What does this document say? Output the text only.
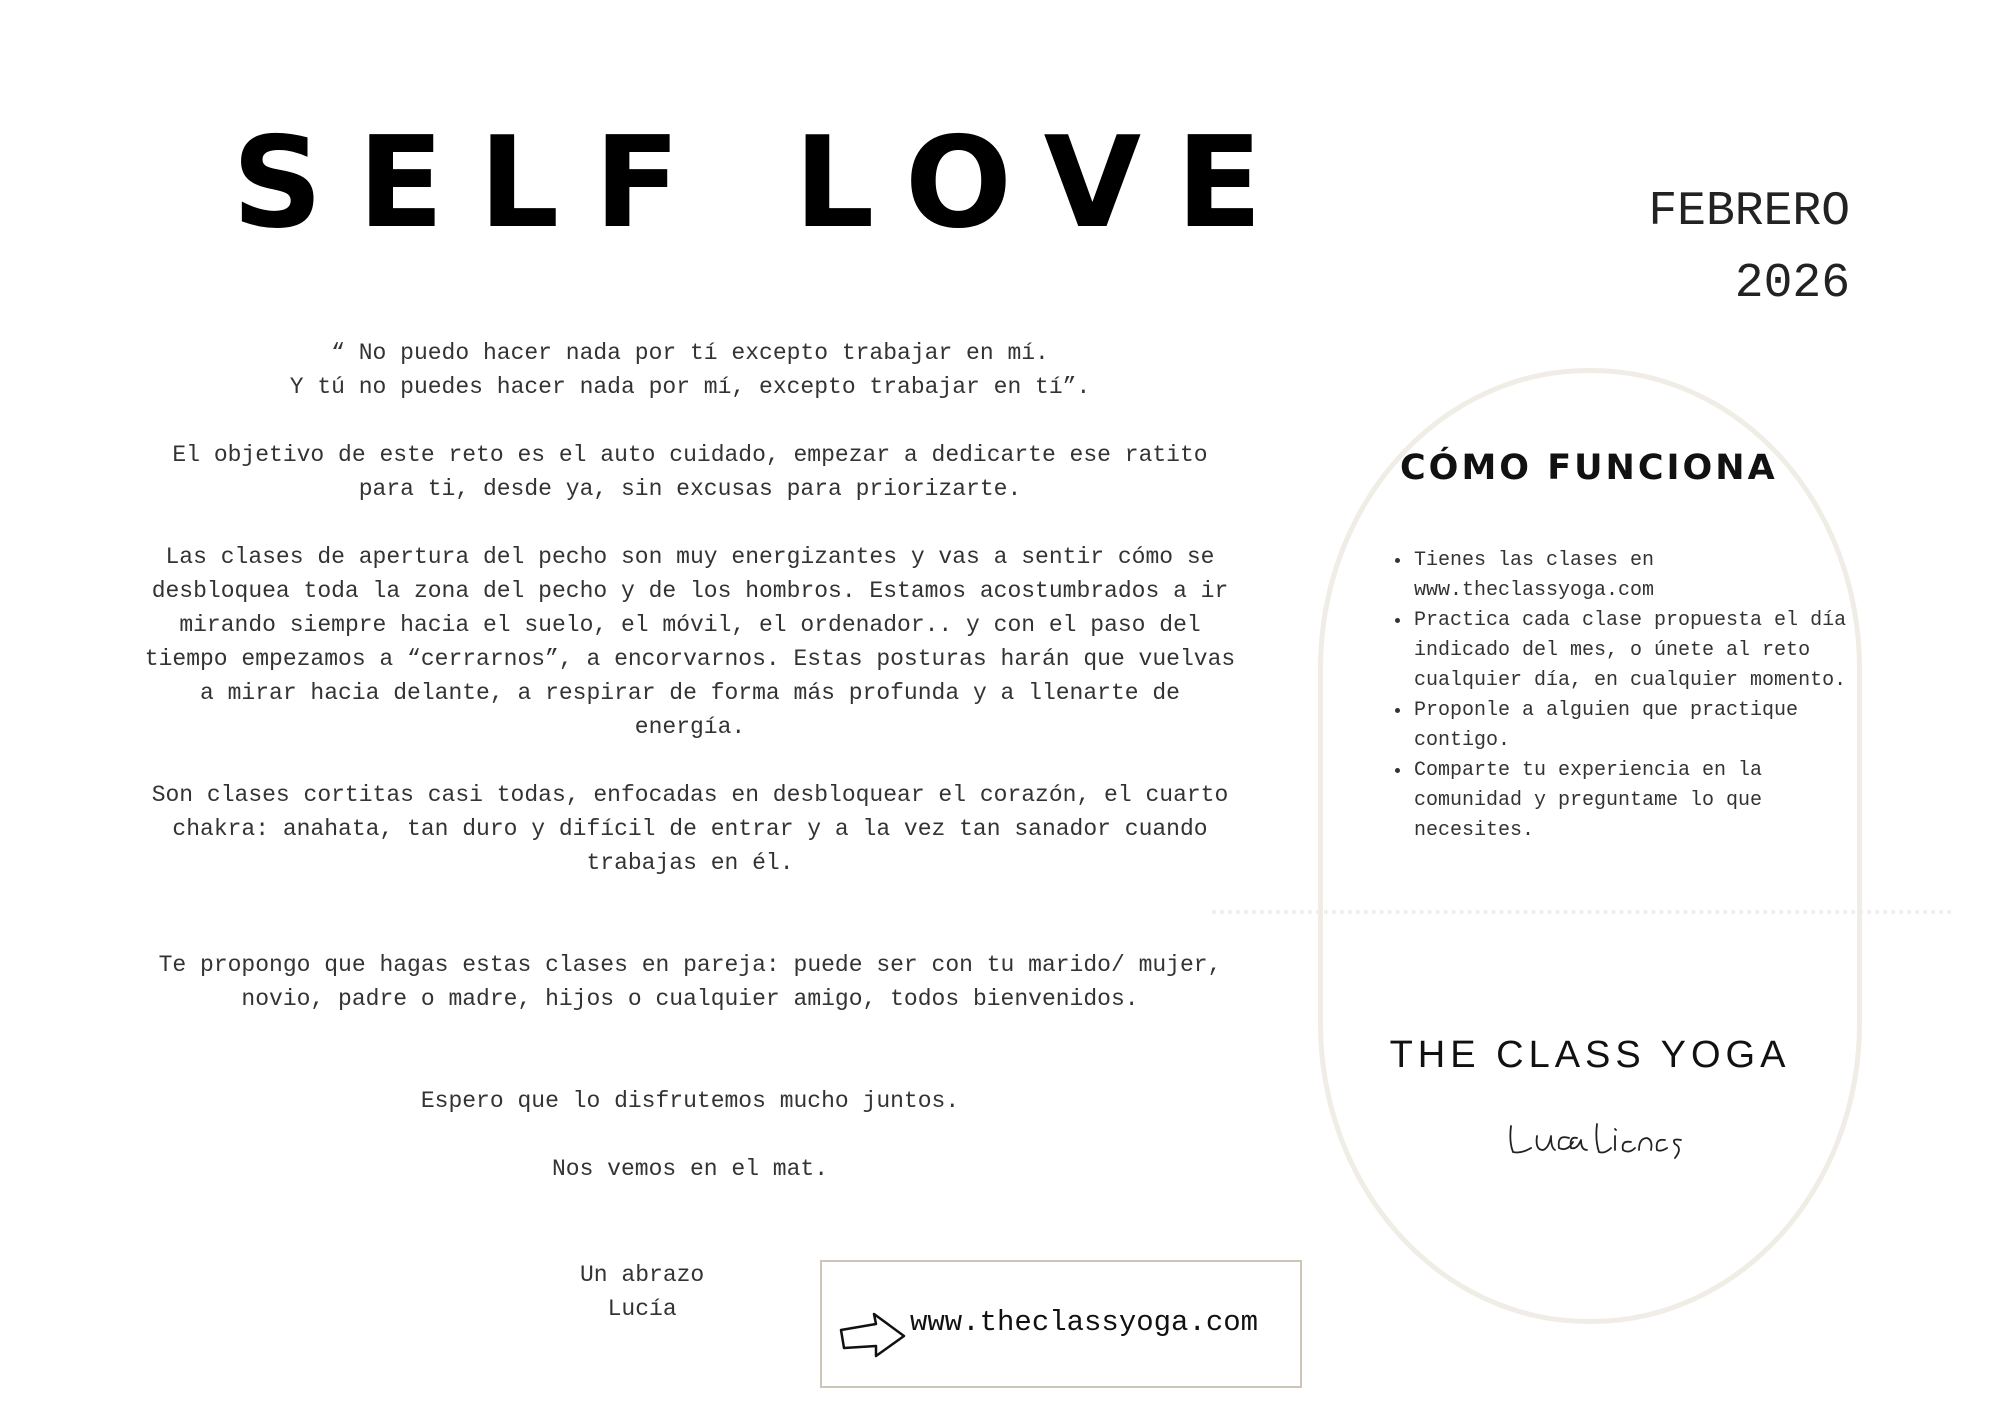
SELF LOVE	FEBRERO
2026

“ No puedo hacer nada por tí excepto trabajar en mí.

Y tú no puedes hacer nada por mí, excepto trabajar en tí”.

El objetivo de este reto es el auto cuidado, empezar a dedicarte ese ratito para ti, desde ya, sin excusas para priorizarte.

Las clases de apertura del pecho son muy energizantes y vas a sentir cómo se desbloquea toda la zona del pecho y de los hombros. Estamos acostumbrados a ir mirando siempre hacia el suelo, el móvil, el ordenador.. y con el paso del tiempo empezamos a “cerrarnos”, a encorvarnos. Estas posturas harán que vuelvas a mirar hacia delante, a respirar de forma más profunda y a llenarte de energía.

Son clases cortitas casi todas, enfocadas en desbloquear el corazón, el cuarto chakra: anahata, tan duro y difícil de entrar y a la vez tan sanador cuando trabajas en él.

Te propongo que hagas estas clases en pareja: puede ser con tu marido/ mujer, novio, padre o madre, hijos o cualquier amigo, todos bienvenidos.

Espero que lo disfrutemos mucho juntos.

Nos vemos en el mat.

Un abrazo
Lucía	www.theclassyoga.com
CÓMO FUNCIONA
• Tienes las clases en www.theclassyoga.com
• Practica cada clase propuesta el día indicado del mes, o únete al reto cualquier día, en cualquier momento.
• Proponle a alguien que practique contigo.
• Comparte tu experiencia en la comunidad y preguntame lo que necesites.
THE CLASS YOGA
